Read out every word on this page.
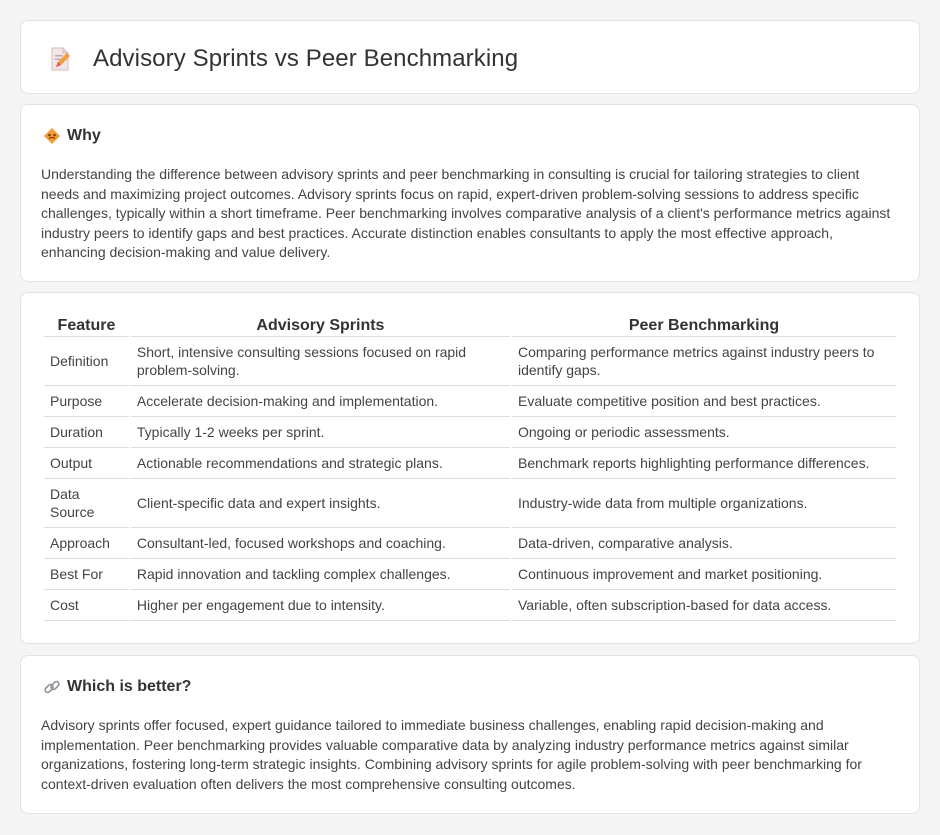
Advisory Sprints vs Peer Benchmarking
Why

Understanding the difference between advisory sprints and peer benchmarking in consulting is crucial for tailoring strategies to client needs and maximizing project outcomes. Advisory sprints focus on rapid, expert-driven problem-solving sessions to address specific challenges, typically within a short timeframe. Peer benchmarking involves comparative analysis of a client's performance metrics against industry peers to identify gaps and best practices. Accurate distinction enables consultants to apply the most effective approach, enhancing decision-making and value delivery.

Feature	Advisory Sprints	Peer Benchmarking
Definition	Short, intensive consulting sessions focused on rapid problem-solving.	Comparing performance metrics against industry peers to identify gaps.
Purpose	Accelerate decision-making and implementation.	Evaluate competitive position and best practices.
Duration	Typically 1-2 weeks per sprint.	Ongoing or periodic assessments.
Output	Actionable recommendations and strategic plans.	Benchmark reports highlighting performance differences.
Data Source	Client-specific data and expert insights.	Industry-wide data from multiple organizations.
Approach	Consultant-led, focused workshops and coaching.	Data-driven, comparative analysis.
Best For	Rapid innovation and tackling complex challenges.	Continuous improvement and market positioning.
Cost	Higher per engagement due to intensity.	Variable, often subscription-based for data access.
Which is better?

Advisory sprints offer focused, expert guidance tailored to immediate business challenges, enabling rapid decision-making and implementation. Peer benchmarking provides valuable comparative data by analyzing industry performance metrics against similar organizations, fostering long-term strategic insights. Combining advisory sprints for agile problem-solving with peer benchmarking for context-driven evaluation often delivers the most comprehensive consulting outcomes.
